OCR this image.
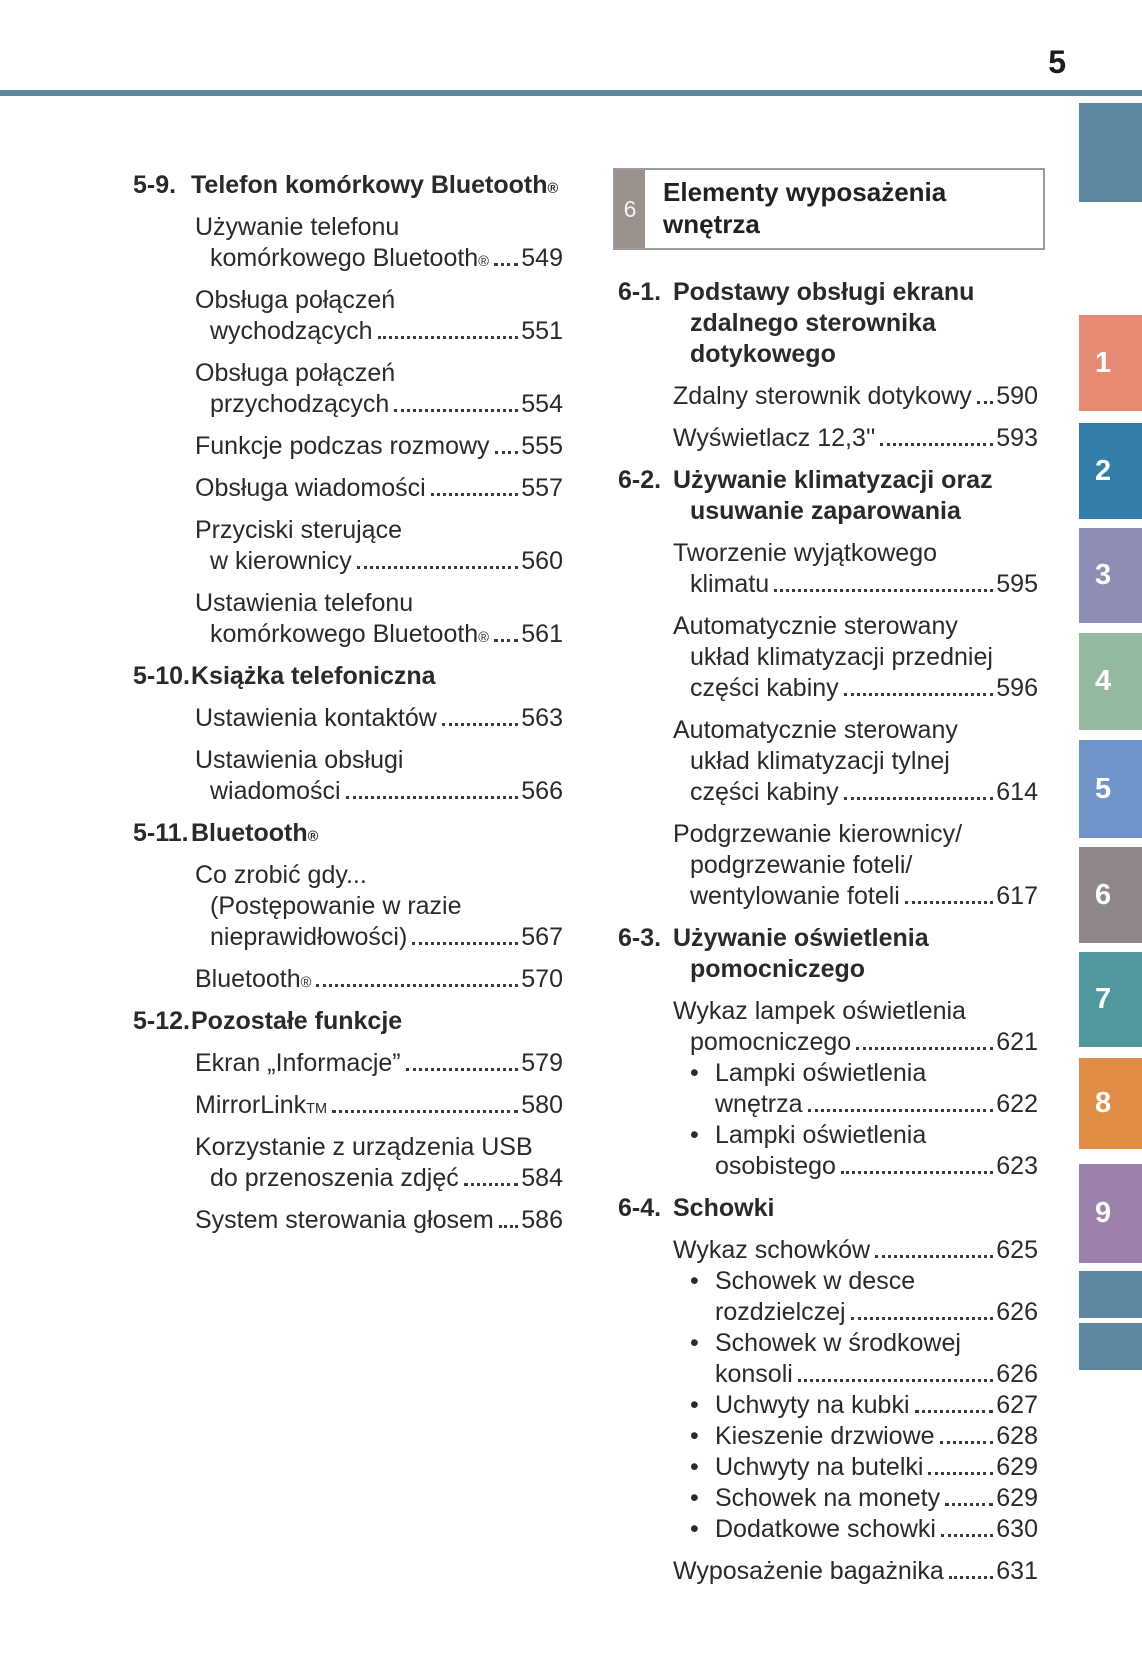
5
1
2
3
4
5
6
7
8
9
6
Elementy wyposażenia
wnętrza
5-9. Telefon komórkowy Bluetooth ®
Używanie telefonu
komórkowego Bluetooth ® 549
Obsługa połączeń
wychodzących	551
Obsługa połączeń
przychodzących	554
Funkcje podczas rozmowy 555
Obsługa wiadomości	557
Przyciski sterujące
w kierownicy	560
Ustawienia telefonu
komórkowego Bluetooth ® 561
5-10. Książka telefoniczna
Ustawienia kontaktów	563
Ustawienia obsługi
wiadomości	566
5-11. Bluetooth ®
Co zrobić gdy...
(Postępowanie w razie
nieprawidłowości)	567
Bluetooth ®	570
5-12. Pozostałe funkcje
Ekran „Informacje”	579
MirrorLink TM	580
Korzystanie z urządzenia USB
do przenoszenia zdjęć	584
System sterowania głosem 586
6-1. Podstawy obsługi ekranu
zdalnego sterownika
dotykowego
Zdalny sterownik dotykowy 590
Wyświetlacz 12,3''	593
6-2. Używanie klimatyzacji oraz
usuwanie zaparowania
Tworzenie wyjątkowego
klimatu	595
Automatycznie sterowany
układ klimatyzacji przedniej
części kabiny	596
Automatycznie sterowany
układ klimatyzacji tylnej
części kabiny	614
Podgrzewanie kierownicy/
podgrzewanie foteli/
wentylowanie foteli	617
6-3. Używanie oświetlenia
pomocniczego
Wykaz lampek oświetlenia
pomocniczego	621
• Lampki oświetlenia
wnętrza	622
• Lampki oświetlenia
osobistego	623
6-4. Schowki
Wykaz schowków	625
• Schowek w desce
rozdzielczej	626
• Schowek w środkowej
konsoli	626
• Uchwyty na kubki	627
• Kieszenie drzwiowe 628
• Uchwyty na butelki	629
• Schowek na monety 629
• Dodatkowe schowki 630
Wyposażenie bagażnika 631
